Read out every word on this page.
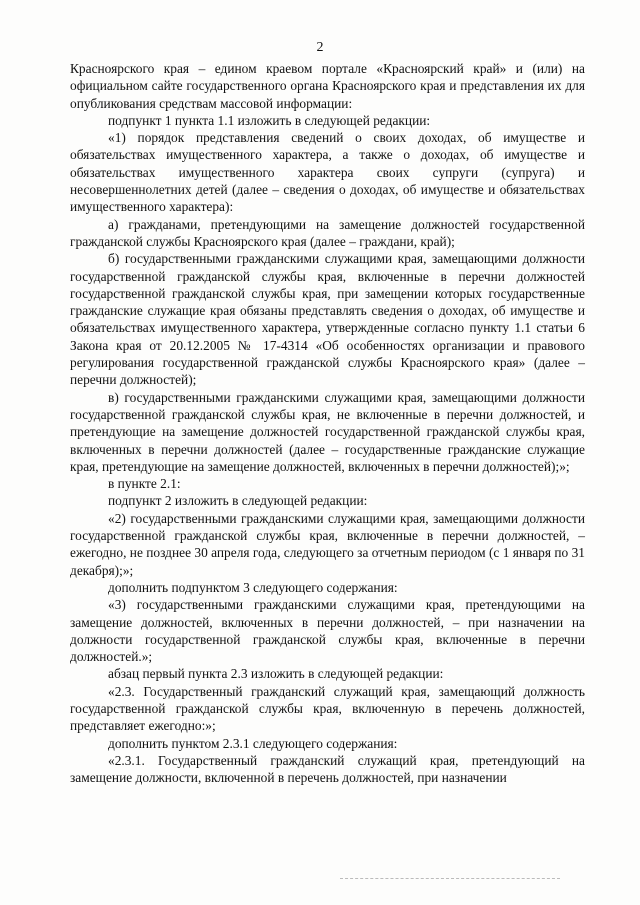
2

Красноярского края – едином краевом портале «Красноярский край» и (или) на официальном сайте государственного органа Красноярского края и представления их для опубликования средствам массовой информации:

подпункт 1 пункта 1.1 изложить в следующей редакции:

«1) порядок представления сведений о своих доходах, об имуществе и обязательствах имущественного характера, а также о доходах, об имуществе и обязательствах имущественного характера своих супруги (супруга) и несовершеннолетних детей (далее – сведения о доходах, об имуществе и обязательствах имущественного характера):

а) гражданами, претендующими на замещение должностей государственной гражданской службы Красноярского края (далее – граждани, край);

б) государственными гражданскими служащими края, замещающими должности государственной гражданской службы края, включенные в перечни должностей государственной гражданской службы края, при замещении которых государственные гражданские служащие края обязаны представлять сведения о доходах, об имуществе и обязательствах имущественного характера, утвержденные согласно пункту 1.1 статьи 6 Закона края от 20.12.2005 № 17-4314 «Об особенностях организации и правового регулирования государственной гражданской службы Красноярского края» (далее – перечни должностей);

в) государственными гражданскими служащими края, замещающими должности государственной гражданской службы края, не включенные в перечни должностей, и претендующие на замещение должностей государственной гражданской службы края, включенных в перечни должностей (далее – государственные гражданские служащие края, претендующие на замещение должностей, включенных в перечни должностей);»;

в пункте 2.1:

подпункт 2 изложить в следующей редакции:

«2) государственными гражданскими служащими края, замещающими должности государственной гражданской службы края, включенные в перечни должностей, – ежегодно, не позднее 30 апреля года, следующего за отчетным периодом (с 1 января по 31 декабря);»;

дополнить подпунктом 3 следующего содержания:

«3) государственными гражданскими служащими края, претендующими на замещение должностей, включенных в перечни должностей, – при назначении на должности государственной гражданской службы края, включенные в перечни должностей.»;

абзац первый пункта 2.3 изложить в следующей редакции:

«2.3. Государственный гражданский служащий края, замещающий должность государственной гражданской службы края, включенную в перечень должностей, представляет ежегодно:»;

дополнить пунктом 2.3.1 следующего содержания:

«2.3.1. Государственный гражданский служащий края, претендующий на замещение должности, включенной в перечень должностей, при назначении
